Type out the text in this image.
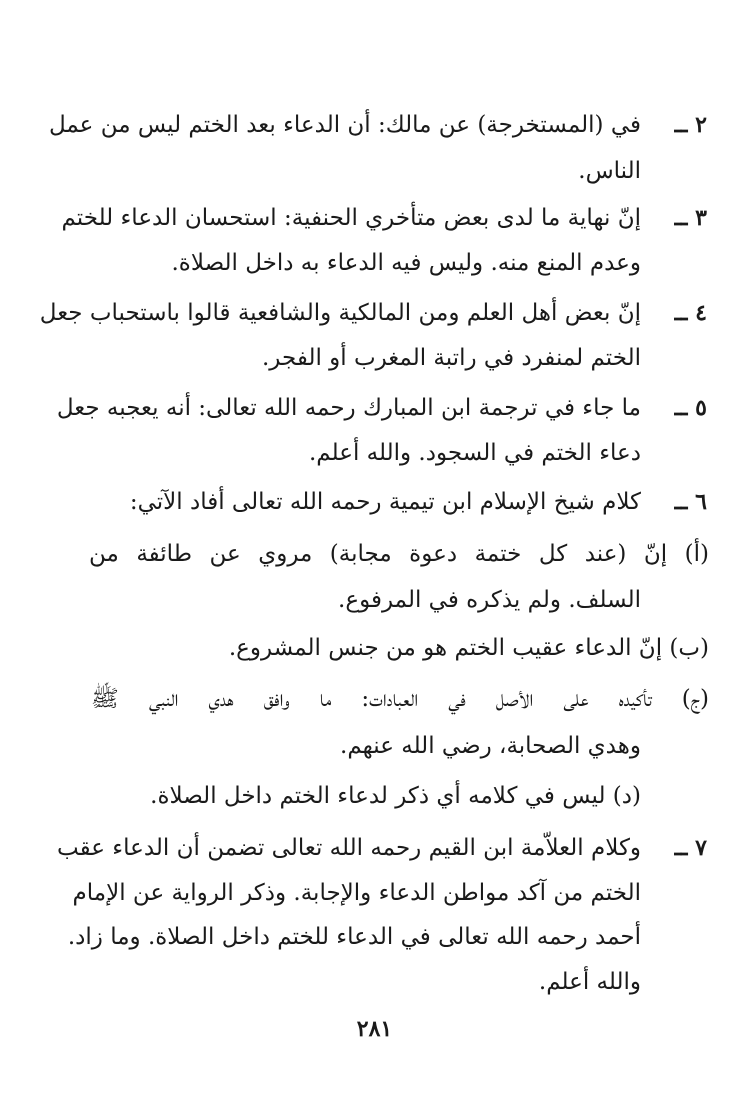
٢ ــ
في (المستخرجة) عن مالك: أن الدعاء بعد الختم ليس من عمل
الناس.
٣ ــ
إنّ نهاية ما لدى بعض متأخري الحنفية: استحسان الدعاء للختم
وعدم المنع منه. وليس فيه الدعاء به داخل الصلاة.
٤ ــ
إنّ بعض أهل العلم ومن المالكية والشافعية قالوا باستحباب جعل
الختم لمنفرد في راتبة المغرب أو الفجر.
٥ ــ
ما جاء في ترجمة ابن المبارك رحمه الله تعالى: أنه يعجبه جعل
دعاء الختم في السجود. والله أعلم.
٦ ــ
كلام شيخ الإسلام ابن تيمية رحمه الله تعالى أفاد الآتي:
(أ) إنّ (عند كل ختمة دعوة مجابة) مروي عن طائفة من
السلف. ولم يذكره في المرفوع.
(ب) إنّ الدعاء عقيب الختم هو من جنس المشروع.
(ج) تأكيده على الأصل في العبادات: ما وافق هدي النبي ﷺ
وهدي الصحابة، رضي الله عنهم.
(د) ليس في كلامه أي ذكر لدعاء الختم داخل الصلاة.
٧ ــ
وكلام العلاّمة ابن القيم رحمه الله تعالى تضمن أن الدعاء عقب
الختم من آكد مواطن الدعاء والإجابة. وذكر الرواية عن الإمام
أحمد رحمه الله تعالى في الدعاء للختم داخل الصلاة. وما زاد.
والله أعلم.
٢٨١
